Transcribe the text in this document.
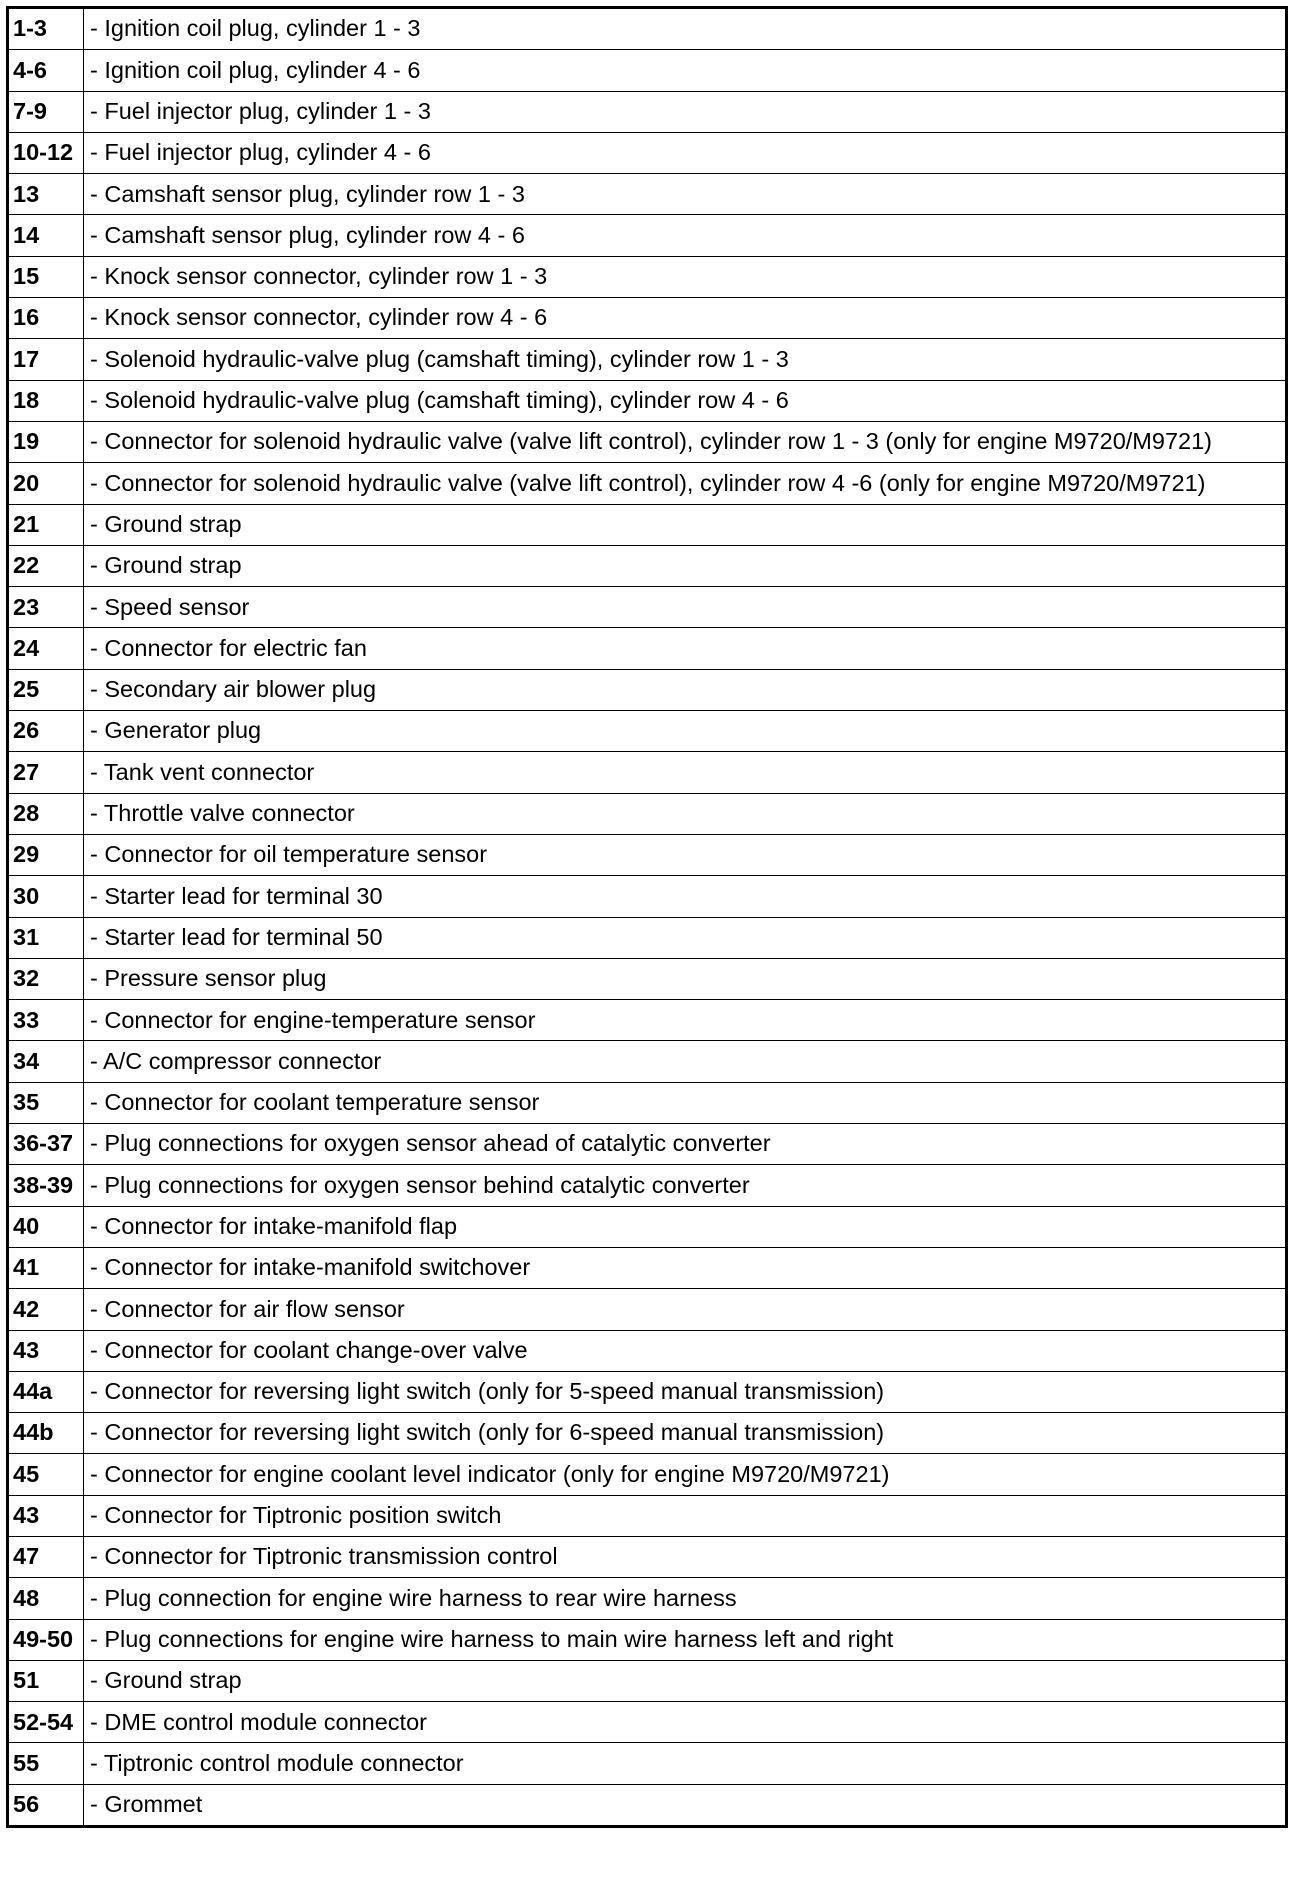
1-3	- Ignition coil plug, cylinder 1 - 3
4-6	- Ignition coil plug, cylinder 4 - 6
7-9	- Fuel injector plug, cylinder 1 - 3
10-12	- Fuel injector plug, cylinder 4 - 6
13	- Camshaft sensor plug, cylinder row 1 - 3
14	- Camshaft sensor plug, cylinder row 4 - 6
15	- Knock sensor connector, cylinder row 1 - 3
16	- Knock sensor connector, cylinder row 4 - 6
17	- Solenoid hydraulic-valve plug (camshaft timing), cylinder row 1 - 3
18	- Solenoid hydraulic-valve plug (camshaft timing), cylinder row 4 - 6
19	- Connector for solenoid hydraulic valve (valve lift control), cylinder row 1 - 3 (only for engine M9720/M9721)
20	- Connector for solenoid hydraulic valve (valve lift control), cylinder row 4 -6 (only for engine M9720/M9721)
21	- Ground strap
22	- Ground strap
23	- Speed sensor
24	- Connector for electric fan
25	- Secondary air blower plug
26	- Generator plug
27	- Tank vent connector
28	- Throttle valve connector
29	- Connector for oil temperature sensor
30	- Starter lead for terminal 30
31	- Starter lead for terminal 50
32	- Pressure sensor plug
33	- Connector for engine-temperature sensor
34	- A/C compressor connector
35	- Connector for coolant temperature sensor
36-37	- Plug connections for oxygen sensor ahead of catalytic converter
38-39	- Plug connections for oxygen sensor behind catalytic converter
40	- Connector for intake-manifold flap
41	- Connector for intake-manifold switchover
42	- Connector for air flow sensor
43	- Connector for coolant change-over valve
44a	- Connector for reversing light switch (only for 5-speed manual transmission)
44b	- Connector for reversing light switch (only for 6-speed manual transmission)
45	- Connector for engine coolant level indicator (only for engine M9720/M9721)
43	- Connector for Tiptronic position switch
47	- Connector for Tiptronic transmission control
48	- Plug connection for engine wire harness to rear wire harness
49-50	- Plug connections for engine wire harness to main wire harness left and right
51	- Ground strap
52-54	- DME control module connector
55	- Tiptronic control module connector
56	- Grommet
